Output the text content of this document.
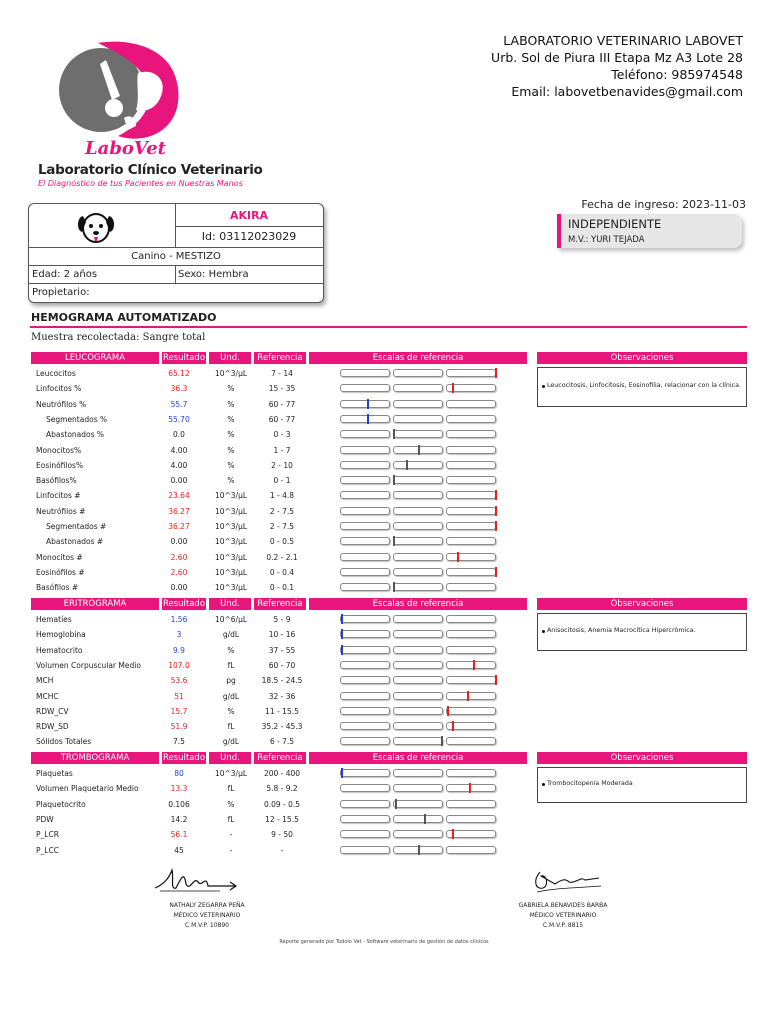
LaboVet
Laboratorio Clínico Veterinario
El Diagnóstico de tus Pacientes en Nuestras Manos
LABORATORIO VETERINARIO LABOVET
Urb. Sol de Piura III Etapa Mz A3 Lote 28
Teléfono: 985974548
Email: labovetbenavides@gmail.com
AKIRA
Id: 03112023029
Canino - MESTIZO
Edad: 2 años	Sexo: Hembra
Propietario:
Fecha de ingreso: 2023-11-03
INDEPENDIENTE
M.V.: YURI TEJADA
HEMOGRAMA AUTOMATIZADO
Muestra recolectada: Sangre total
LEUCOGRAMA	Resultado	Und.	Referencia	Escalas de referencia	Observaciones
Leucocitosis, Linfocitosis, Eosinofilia, relacionar con la clínica.
Leucocitos	65.12	10^3/µL	7 - 14
Linfocitos %	36.3	%	15 - 35
Neutrófilos %	55.7	%	60 - 77
Segmentados %	55.70	%	60 - 77
Abastonados %	0.0	%	0 - 3
Monocitos%	4.00	%	1 - 7
Eosinófilos%	4.00	%	2 - 10
Basófilos%	0.00	%	0 - 1
Linfocitos #	23.64	10^3/µL	1 - 4.8
Neutrófilos #	36.27	10^3/µL	2 - 7.5
Segmentados #	36.27	10^3/µL	2 - 7.5
Abastonados #	0.00	10^3/µL	0 - 0.5
Monocitos #	2.60	10^3/µL	0.2 - 2.1
Eosinófilos #	2.60	10^3/µL	0 - 0.4
Basófilos #	0.00	10^3/µL	0 - 0.1
ERITROGRAMA	Resultado	Und.	Referencia	Escalas de referencia	Observaciones
Anisocitosis, Anemia Macrocítica Hipercrómica.
Hematíes	1.56	10^6/µL	5 - 9
Hemoglobina	3	g/dL	10 - 16
Hematocrito	9.9	%	37 - 55
Volumen Corpuscular Medio	107.0	fL	60 - 70
MCH	53.6	pg	18.5 - 24.5
MCHC	51	g/dL	32 - 36
RDW_CV	15.7	%	11 - 15.5
RDW_SD	51.9	fL	35.2 - 45.3
Sólidos Totales	7.5	g/dL	6 - 7.5
TROMBOGRAMA	Resultado	Und.	Referencia	Escalas de referencia	Observaciones
Trombocitopenia Moderada
Plaquetas	80	10^3/µL	200 - 400
Volumen Plaquetario Medio	13.3	fL	5.8 - 9.2
Plaquetocrito	0.106	%	0.09 - 0.5
PDW	14.2	fL	12 - 15.5
P_LCR	56.1	-	9 - 50
P_LCC	45	-	-
NATHALY ZEGARRA PEÑA
MÉDICO VETERINARIO
C.M.V.P. 10890
GABRIELA BENAVIDES BARBA
MÉDICO VETERINARIO
C.M.V.P. 8815
Reporte generado por Todolo Vet - Software veterinario de gestión de datos clínicos
